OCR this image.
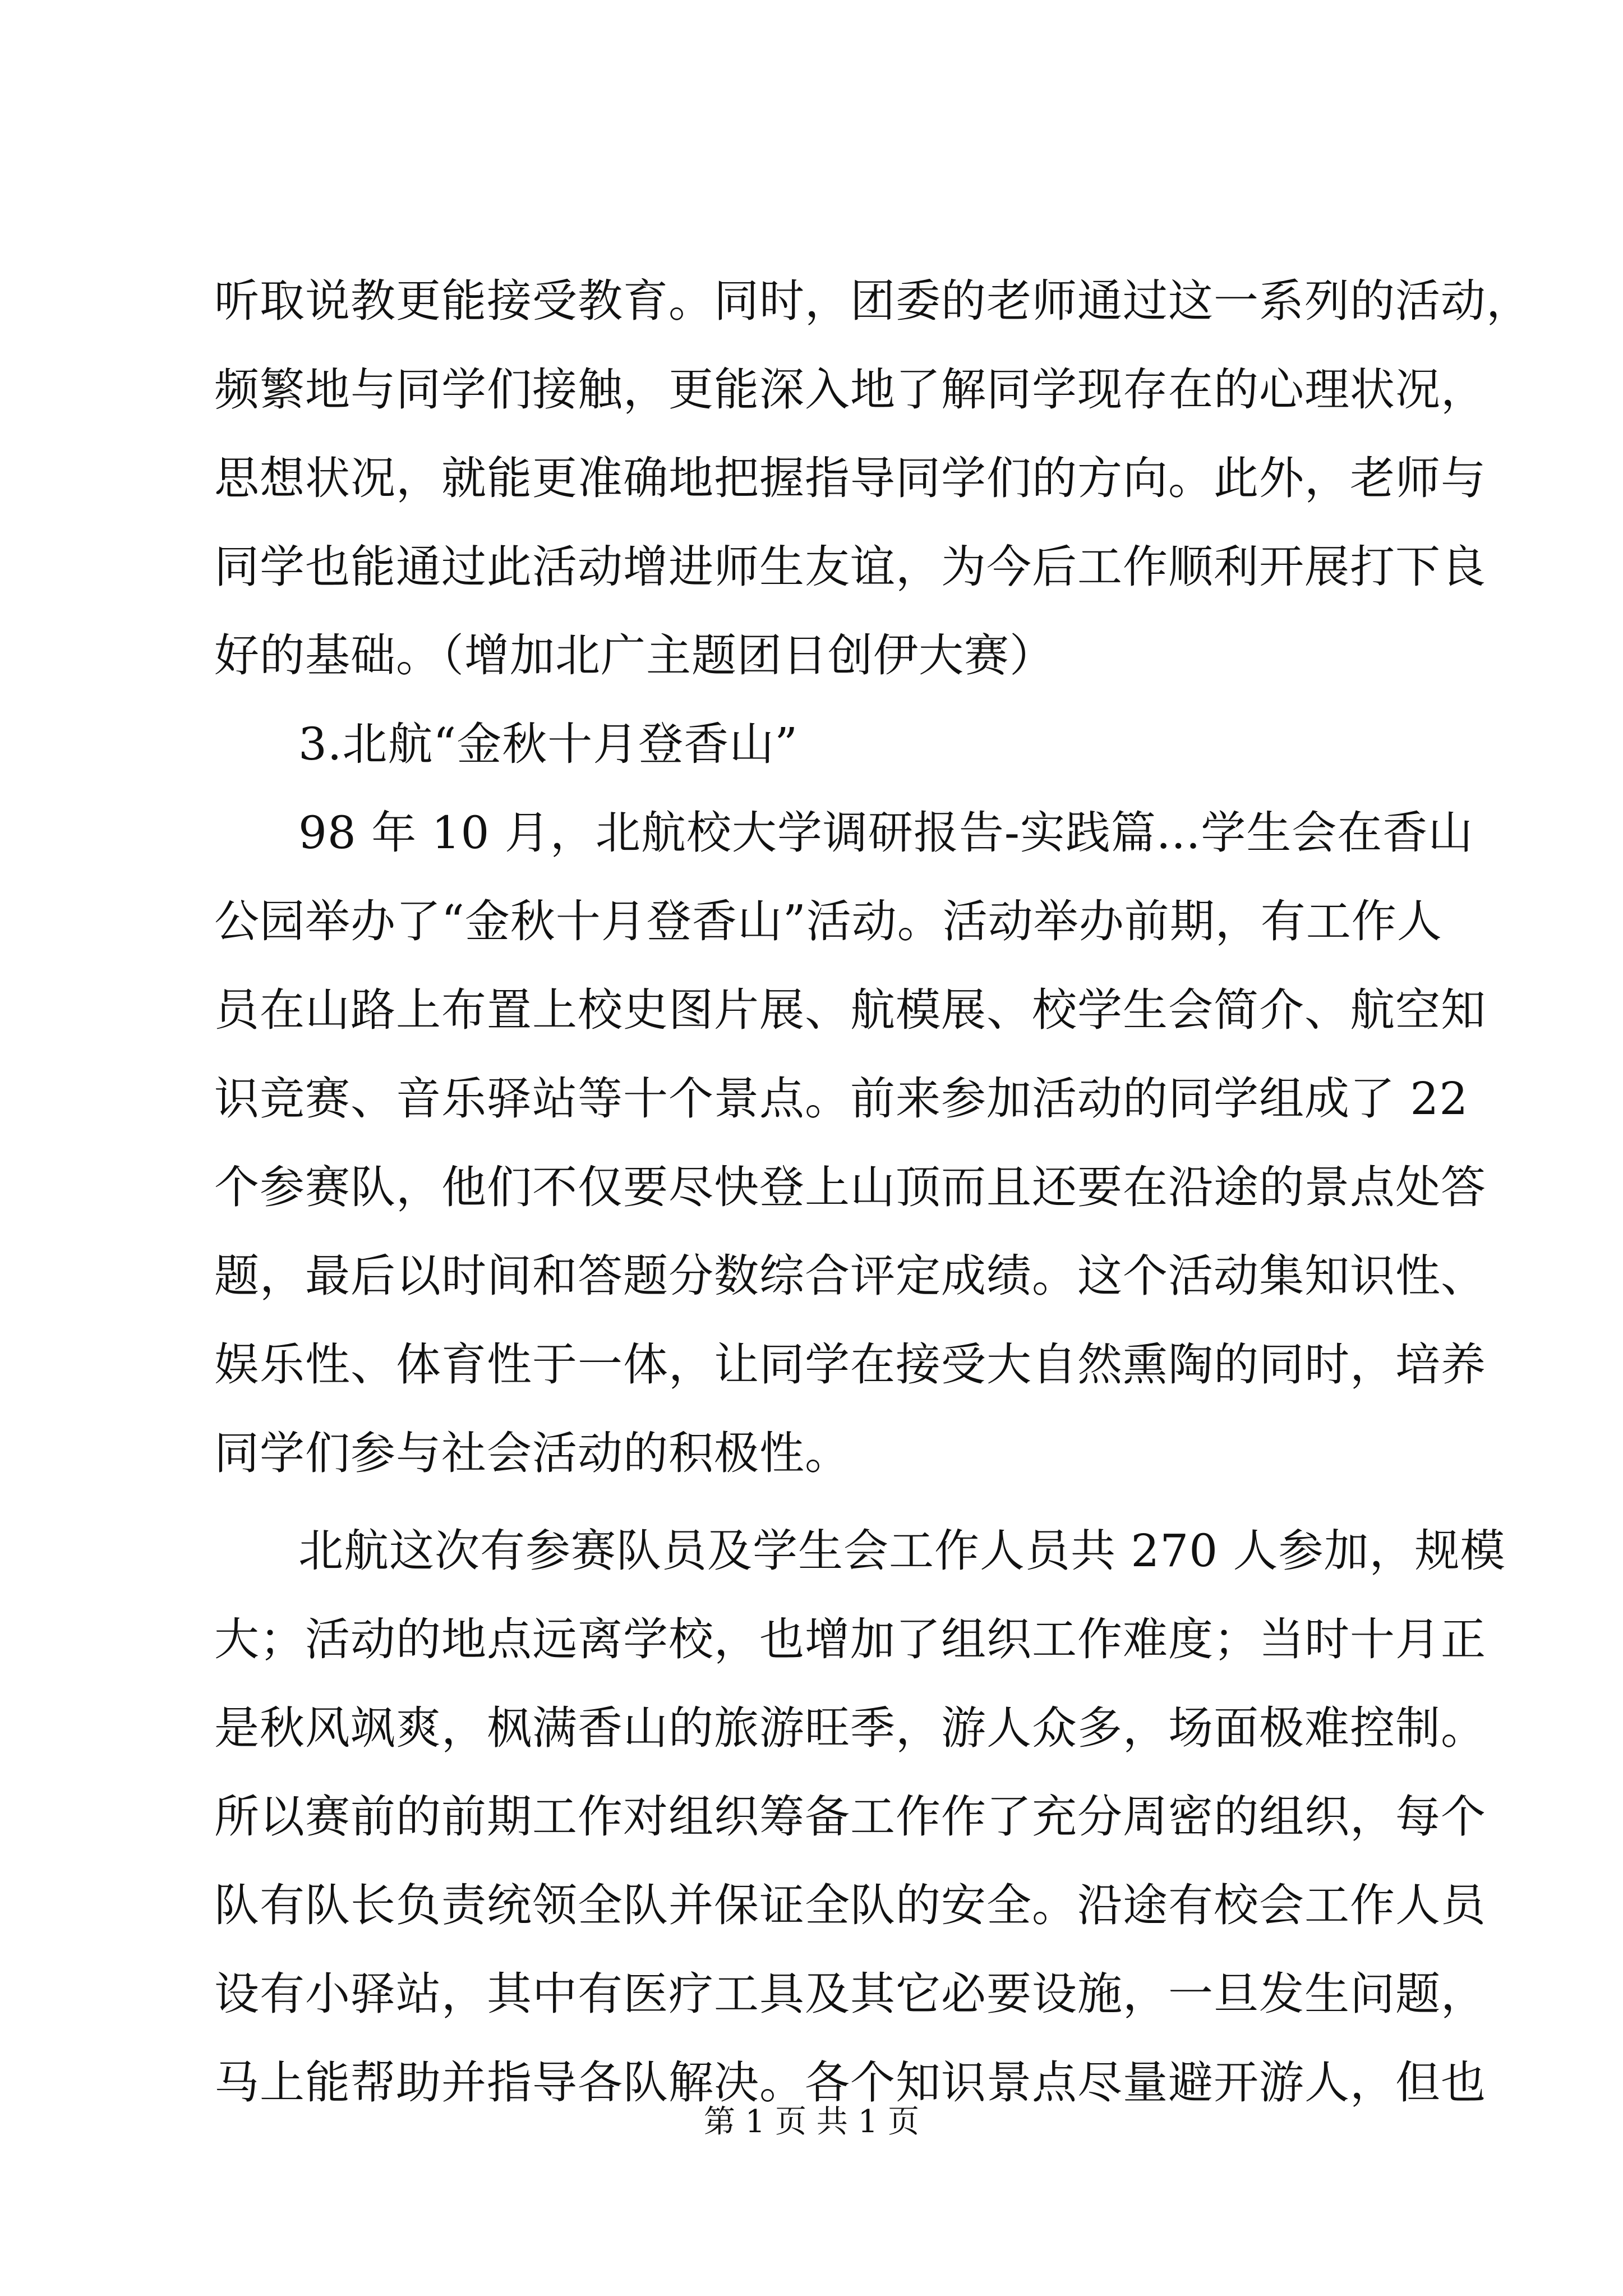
听取说教更能接受教育。同时，团委的老师通过这一系列的活动，
频繁地与同学们接触，更能深入地了解同学现存在的心理状况，
思想状况，就能更准确地把握指导同学们的方向。此外，老师与
同学也能通过此活动增进师生友谊，为今后工作顺利开展打下良
好的基础。（增加北广主题团日创伊大赛）
3.北航“金秋十月登香山”
98 年 10 月，北航校大学调研报告-实践篇...学生会在香山
公园举办了“金秋十月登香山”活动。活动举办前期，有工作人
员在山路上布置上校史图片展、航模展、校学生会简介、航空知
识竞赛、音乐驿站等十个景点。前来参加活动的同学组成了 22
个参赛队，他们不仅要尽快登上山顶而且还要在沿途的景点处答
题，最后以时间和答题分数综合评定成绩。这个活动集知识性、
娱乐性、体育性于一体，让同学在接受大自然熏陶的同时，培养
同学们参与社会活动的积极性。
北航这次有参赛队员及学生会工作人员共 270 人参加，规模
大；活动的地点远离学校，也增加了组织工作难度；当时十月正
是秋风飒爽，枫满香山的旅游旺季，游人众多，场面极难控制。
所以赛前的前期工作对组织筹备工作作了充分周密的组织，每个
队有队长负责统领全队并保证全队的安全。沿途有校会工作人员
设有小驿站，其中有医疗工具及其它必要设施，一旦发生问题，
马上能帮助并指导各队解决。各个知识景点尽量避开游人，但也
第 1 页 共 1 页
